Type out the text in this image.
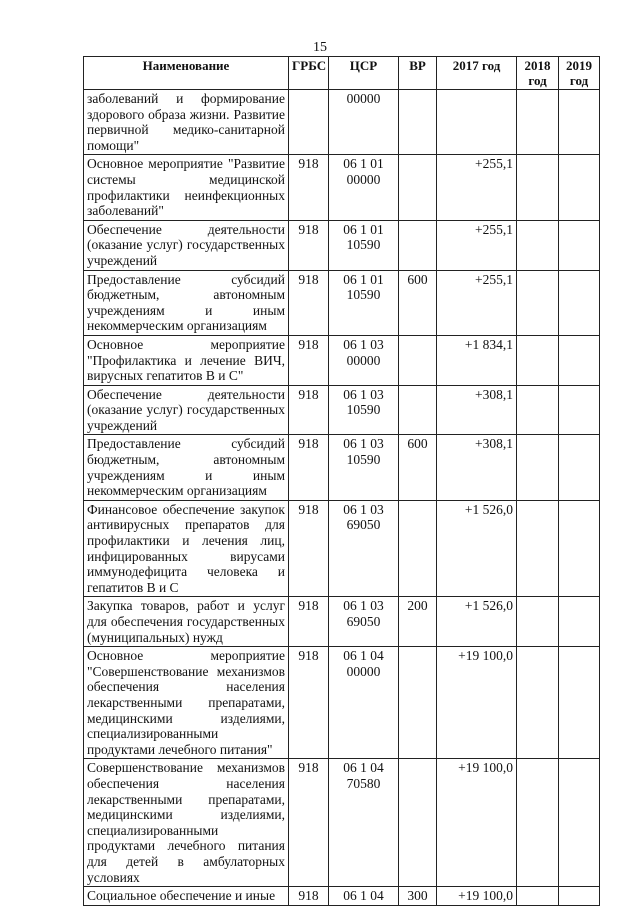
15
Наименование	ГРБС	ЦСР	ВР	2017 год	2018 год	2019 год
заболеваний и формирование здорового образа жизни. Развитие первичной медико-санитарной помощи"		00000				
Основное мероприятие "Развитие системы медицинской профилактики неинфекционных заболеваний"	918	06 1 01 00000		+255,1		
Обеспечение деятельности (оказание услуг) государственных учреждений	918	06 1 01 10590		+255,1		
Предоставление субсидий бюджетным, автономным учреждениям и иным некоммерческим организациям	918	06 1 01 10590	600	+255,1		
Основное мероприятие "Профилактика и лечение ВИЧ, вирусных гепатитов В и С"	918	06 1 03 00000		+1 834,1		
Обеспечение деятельности (оказание услуг) государственных учреждений	918	06 1 03 10590		+308,1		
Предоставление субсидий бюджетным, автономным учреждениям и иным некоммерческим организациям	918	06 1 03 10590	600	+308,1		
Финансовое обеспечение закупок антивирусных препаратов для профилактики и лечения лиц, инфицированных вирусами иммунодефицита человека и гепатитов В и С	918	06 1 03 69050		+1 526,0		
Закупка товаров, работ и услуг для обеспечения государственных (муниципальных) нужд	918	06 1 03 69050	200	+1 526,0		
Основное мероприятие "Совершенствование механизмов обеспечения населения лекарственными препаратами, медицинскими изделиями, специализированными продуктами лечебного питания"	918	06 1 04 00000		+19 100,0		
Совершенствование механизмов обеспечения населения лекарственными препаратами, медицинскими изделиями, специализированными продуктами лечебного питания для детей в амбулаторных условиях	918	06 1 04 70580		+19 100,0		
Социальное обеспечение и иные	918	06 1 04	300	+19 100,0		
